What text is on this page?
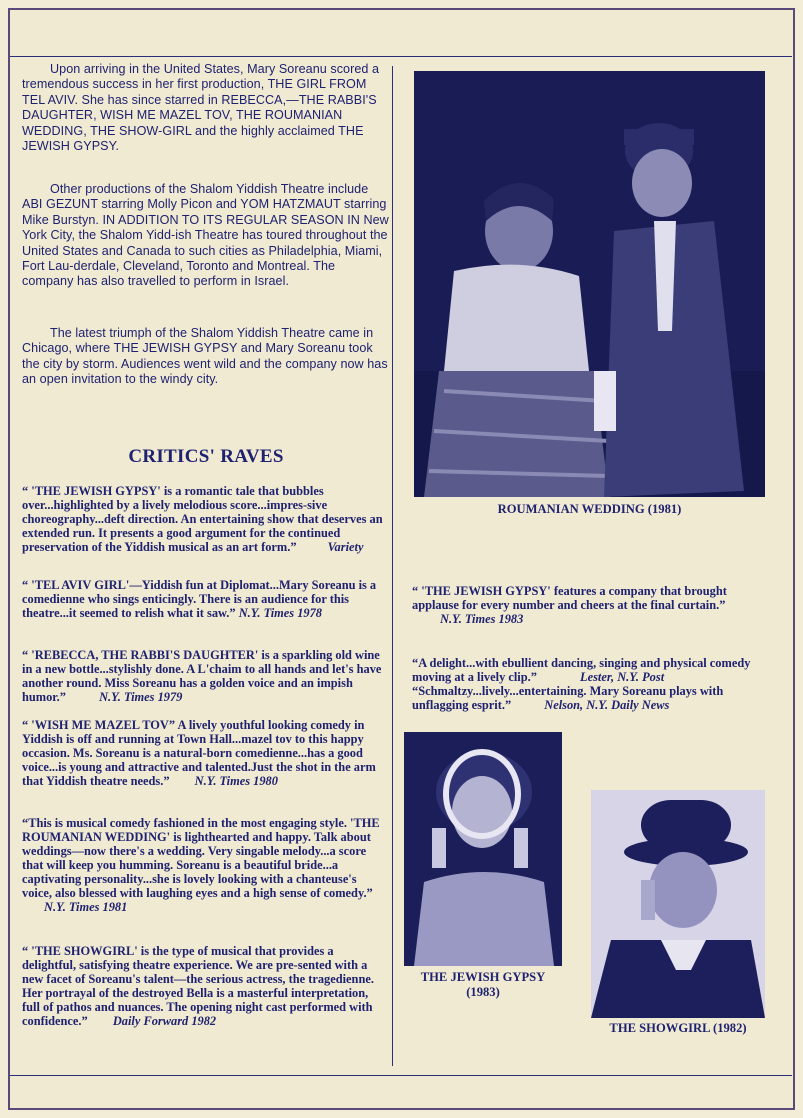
Upon arriving in the United States, Mary Soreanu scored a tremendous success in her first production, THE GIRL FROM TEL AVIV. She has since starred in REBECCA,—THE RABBI'S DAUGHTER, WISH ME MAZEL TOV, THE ROUMANIAN WEDDING, THE SHOW-GIRL and the highly acclaimed THE JEWISH GYPSY.

Other productions of the Shalom Yiddish Theatre include ABI GEZUNT starring Molly Picon and YOM HATZMAUT starring Mike Burstyn. IN ADDITION TO ITS REGULAR SEASON IN New York City, the Shalom Yidd-ish Theatre has toured throughout the United States and Canada to such cities as Philadelphia, Miami, Fort Lau-derdale, Cleveland, Toronto and Montreal. The company has also travelled to perform in Israel.

The latest triumph of the Shalom Yiddish Theatre came in Chicago, where THE JEWISH GYPSY and Mary Soreanu took the city by storm. Audiences went wild and the company now has an open invitation to the windy city.

CRITICS' RAVES

“ 'THE JEWISH GYPSY' is a romantic tale that bubbles over...highlighted by a lively melodious score...impres-sive choreography...deft direction. An entertaining show that deserves an extended run. It presents a good argument for the continued preservation of the Yiddish musical as an art form.”	Variety

“ 'TEL AVIV GIRL'—Yiddish fun at Diplomat...Mary Soreanu is a comedienne who sings enticingly. There is an audience for this theatre...it seemed to relish what it saw.” N.Y. Times 1978

“ 'REBECCA, THE RABBI'S DAUGHTER' is a sparkling old wine in a new bottle...stylishly done. A L'chaim to all hands and let's have another round. Miss Soreanu has a golden voice and an impish humor.”	N.Y. Times 1979

“ 'WISH ME MAZEL TOV” A lively youthful looking comedy in Yiddish is off and running at Town Hall...mazel tov to this happy occasion. Ms. Soreanu is a natural-born comedienne...has a good voice...is young and attractive and talented.Just the shot in the arm that Yiddish theatre needs.” N.Y. Times 1980

“This is musical comedy fashioned in the most engaging style. 'THE ROUMANIAN WEDDING' is lighthearted and happy. Talk about weddings—now there's a wedding. Very singable melody...a score that will keep you humming. Soreanu is a beautiful bride...a captivating personality...she is lovely looking with a chanteuse's voice, also blessed with laughing eyes and a high sense of comedy.” N.Y. Times 1981

“ 'THE SHOWGIRL' is the type of musical that provides a delightful, satisfying theatre experience. We are pre-sented with a new facet of Soreanu's talent—the serious actress, the tragedienne. Her portrayal of the destroyed Bella is a masterful interpretation, full of pathos and nuances. The opening night cast performed with confidence.” Daily Forward 1982

ROUMANIAN WEDDING (1981)

“ 'THE JEWISH GYPSY' features a company that brought applause for every number and cheers at the final curtain.” N.Y. Times 1983

“A delight...with ebullient dancing, singing and physical comedy moving at a lively clip.”	Lester, N.Y. Post
“Schmaltzy...lively...entertaining. Mary Soreanu plays with unflagging esprit.”	Nelson, N.Y. Daily News

THE JEWISH GYPSY
(1983)

THE SHOWGIRL (1982)
